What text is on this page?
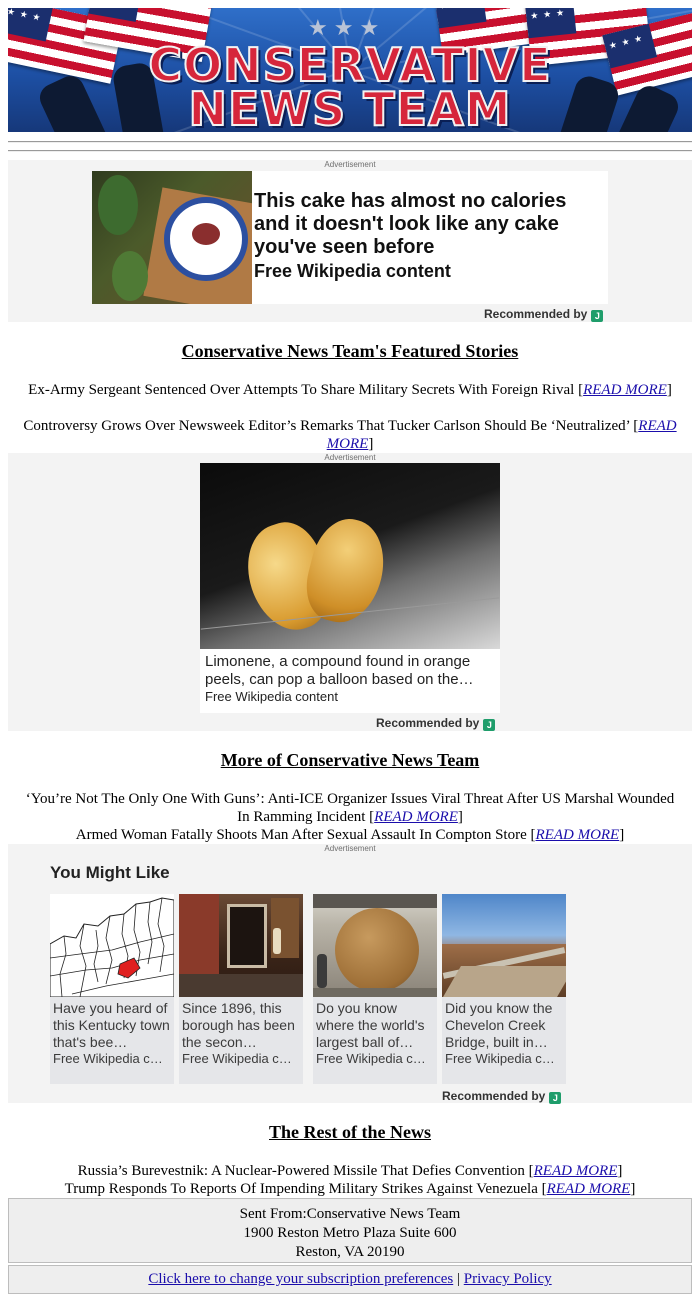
★ ★ ★
★ ★ ★
★ ★ ★
★ ★ ★
★ ★ ★
★★★
CONSERVATIVE
NEWS TEAM
Advertisement
This cake has almost no calories and it doesn't look like any cake you've seen before
Free Wikipedia content
Recommended by J
Conservative News Team's Featured Stories
Ex-Army Sergeant Sentenced Over Attempts To Share Military Secrets With Foreign Rival [READ MORE]
Controversy Grows Over Newsweek Editor’s Remarks That Tucker Carlson Should Be ‘Neutralized’ [READ MORE]
Advertisement
Limonene, a compound found in orange peels, can pop a balloon based on the…
Free Wikipedia content
Recommended by J
More of Conservative News Team
‘You’re Not The Only One With Guns’: Anti-ICE Organizer Issues Viral Threat After US Marshal Wounded In Ramming Incident [READ MORE]
Armed Woman Fatally Shoots Man After Sexual Assault In Compton Store [READ MORE]
Advertisement
You Might Like
Have you heard of this Kentucky town that's bee…
Free Wikipedia c…
Since 1896, this borough has been the secon…
Free Wikipedia c…
Do you know where the world's largest ball of…
Free Wikipedia c…
Did you know the Chevelon Creek Bridge, built in…
Free Wikipedia c…
Recommended by J
The Rest of the News
Russia’s Burevestnik: A Nuclear-Powered Missile That Defies Convention [READ MORE]
Trump Responds To Reports Of Impending Military Strikes Against Venezuela [READ MORE]
Sent From:Conservative News Team
1900 Reston Metro Plaza Suite 600
Reston, VA 20190
Click here to change your subscription preferences | Privacy Policy
